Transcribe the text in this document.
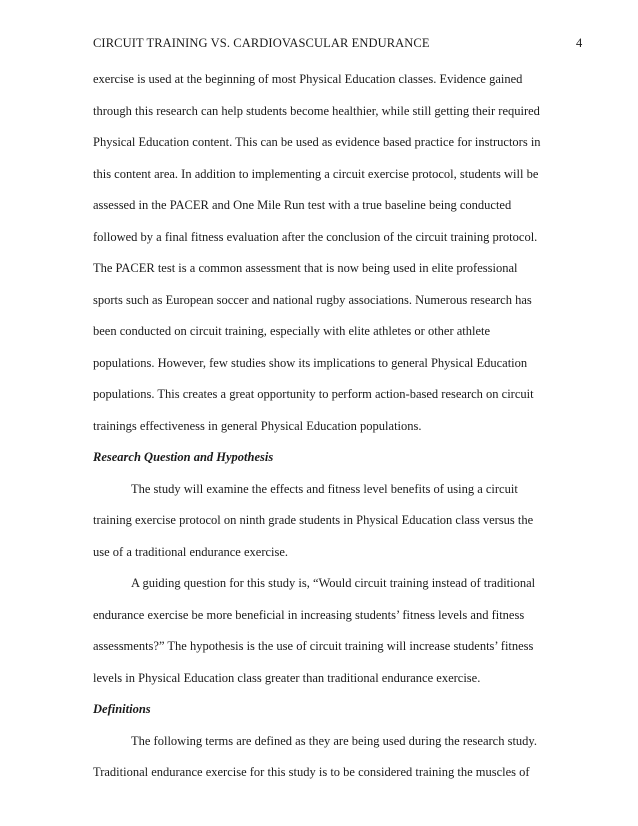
CIRCUIT TRAINING VS. CARDIOVASCULAR ENDURANCE	4
exercise is used at the beginning of most Physical Education classes. Evidence gained
through this research can help students become healthier, while still getting their required
Physical Education content. This can be used as evidence based practice for instructors in
this content area. In addition to implementing a circuit exercise protocol, students will be
assessed in the PACER and One Mile Run test with a true baseline being conducted
followed by a final fitness evaluation after the conclusion of the circuit training protocol.
The PACER test is a common assessment that is now being used in elite professional
sports such as European soccer and national rugby associations. Numerous research has
been conducted on circuit training, especially with elite athletes or other athlete
populations. However, few studies show its implications to general Physical Education
populations. This creates a great opportunity to perform action-based research on circuit
trainings effectiveness in general Physical Education populations.
Research Question and Hypothesis
The study will examine the effects and fitness level benefits of using a circuit
training exercise protocol on ninth grade students in Physical Education class versus the
use of a traditional endurance exercise.
A guiding question for this study is, “Would circuit training instead of traditional
endurance exercise be more beneficial in increasing students’ fitness levels and fitness
assessments?” The hypothesis is the use of circuit training will increase students’ fitness
levels in Physical Education class greater than traditional endurance exercise.
Definitions
The following terms are defined as they are being used during the research study.
Traditional endurance exercise for this study is to be considered training the muscles of
